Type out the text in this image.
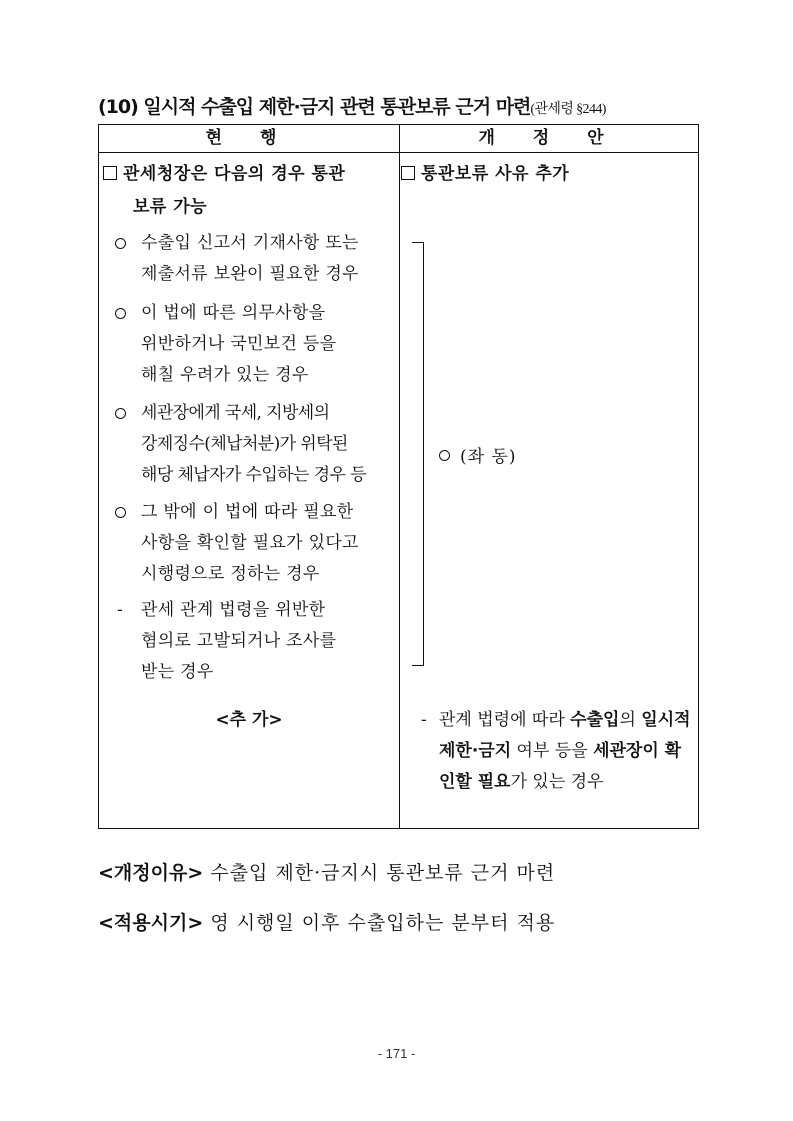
(10) 일시적 수출입 제한·금지 관련 통관보류 근거 마련(관세령 §244)
현 행	개 정 안
관세청장은 다음의 경우 통관
보류 가능
수출입 신고서 기재사항 또는
제출서류 보완이 필요한 경우
이 법에 따른 의무사항을
위반하거나 국민보건 등을
해칠 우려가 있는 경우
세관장에게 국세, 지방세의
강제징수(체납처분)가 위탁된
해당 체납자가 수입하는 경우 등
그 밖에 이 법에 따라 필요한
사항을 확인할 필요가 있다고
시행령으로 정하는 경우
-	관세 관계 법령을 위반한
혐의로 고발되거나 조사를
받는 경우
<추 가>
통관보류 사유 추가
(좌 동)
- 관계 법령에 따라 수출입의 일시적 제한·금지 여부 등을 세관장이 확인할 필요가 있는 경우
<개정이유> 수출입 제한·금지시 통관보류 근거 마련
<적용시기> 영 시행일 이후 수출입하는 분부터 적용
- 171 -
